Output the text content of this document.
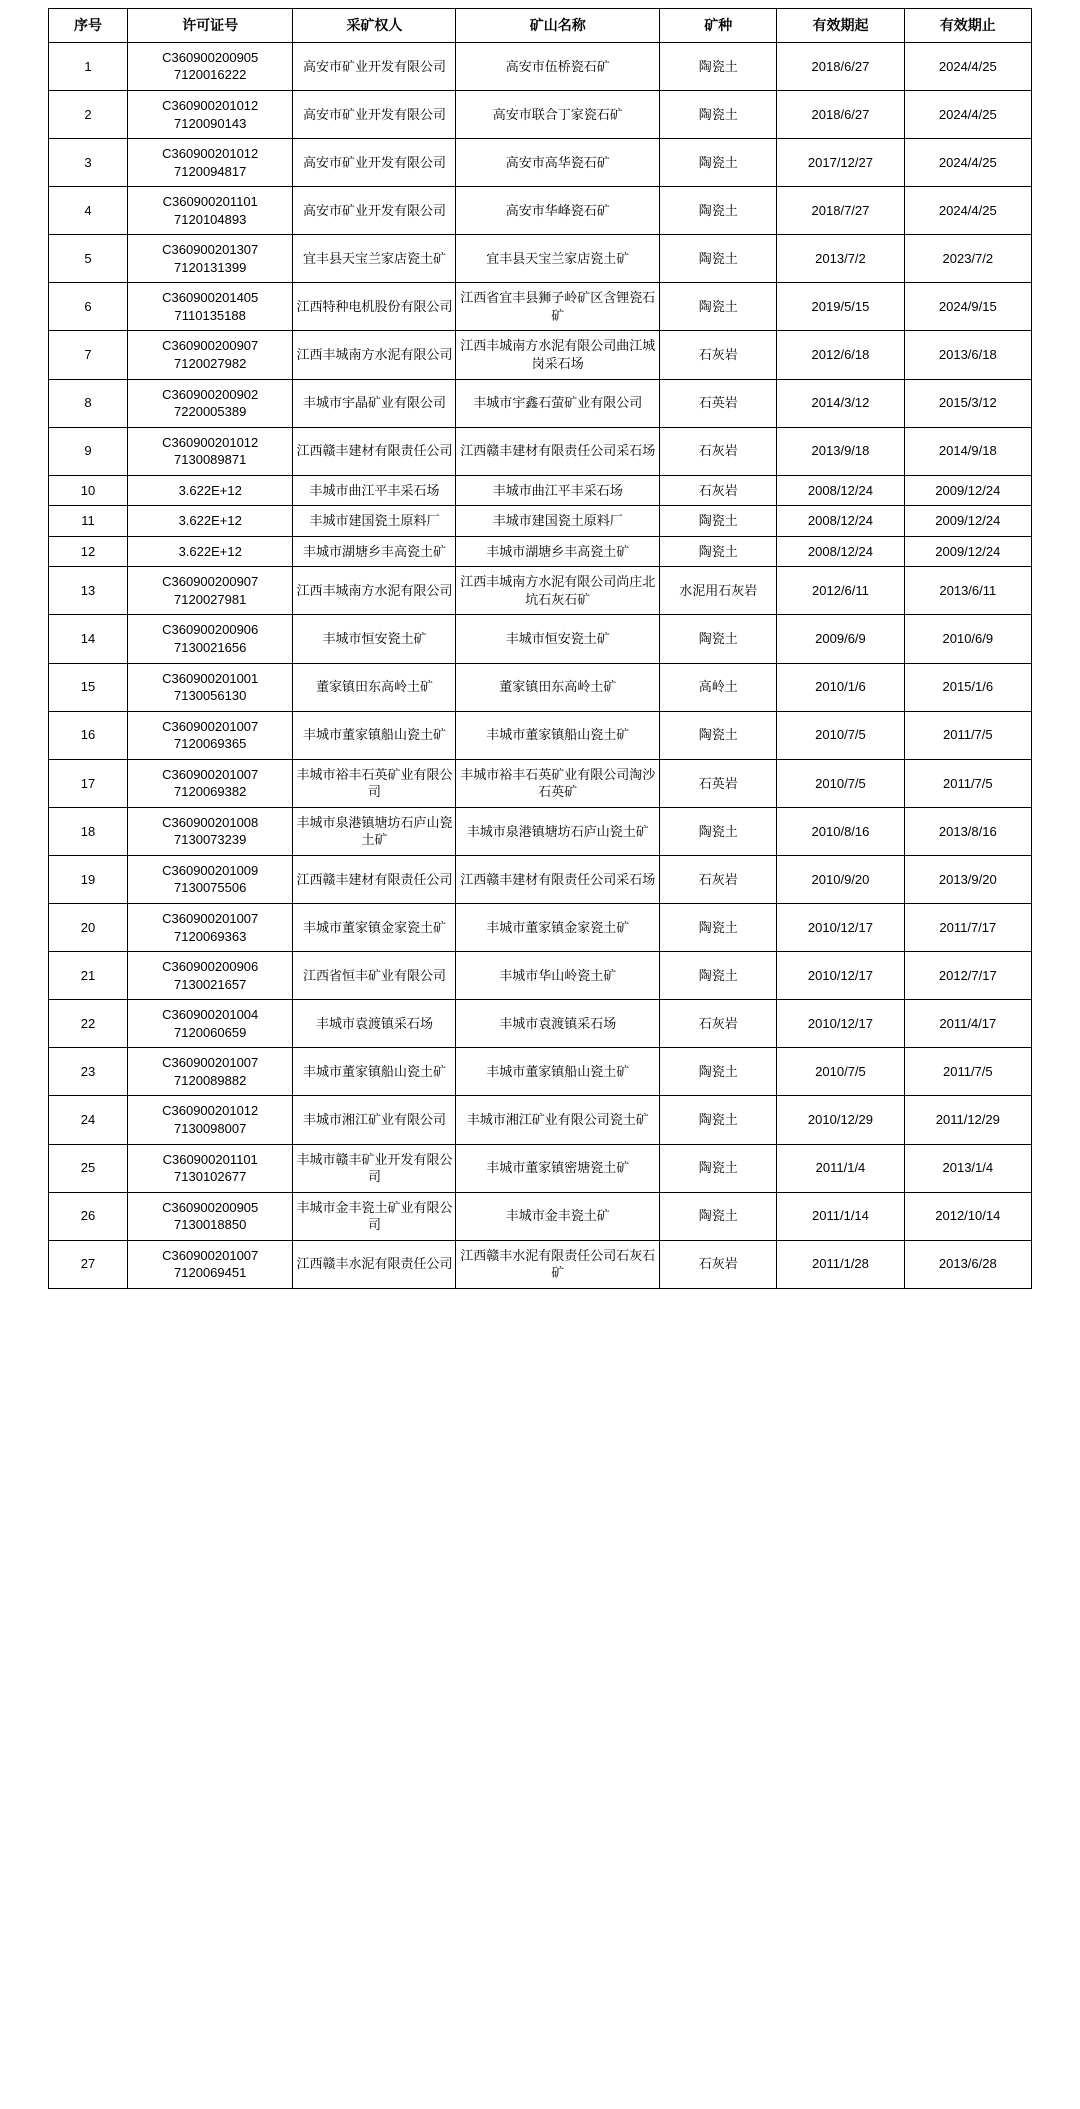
序号	许可证号	采矿权人	矿山名称	矿种	有效期起	有效期止
1	C360900200905 7120016222	高安市矿业开发有限公司	高安市伍桥瓷石矿	陶瓷土	2018/6/27	2024/4/25
2	C360900201012 7120090143	高安市矿业开发有限公司	高安市联合丁家瓷石矿	陶瓷土	2018/6/27	2024/4/25
3	C360900201012 7120094817	高安市矿业开发有限公司	高安市高华瓷石矿	陶瓷土	2017/12/27	2024/4/25
4	C360900201101 7120104893	高安市矿业开发有限公司	高安市华峰瓷石矿	陶瓷土	2018/7/27	2024/4/25
5	C360900201307 7120131399	宜丰县天宝兰家店瓷土矿	宜丰县天宝兰家店瓷土矿	陶瓷土	2013/7/2	2023/7/2
6	C360900201405 7110135188	江西特种电机股份有限公司	江西省宜丰县狮子岭矿区含锂瓷石矿	陶瓷土	2019/5/15	2024/9/15
7	C360900200907 7120027982	江西丰城南方水泥有限公司	江西丰城南方水泥有限公司曲江城岗采石场	石灰岩	2012/6/18	2013/6/18
8	C360900200902 7220005389	丰城市宇晶矿业有限公司	丰城市宇鑫石萤矿业有限公司	石英岩	2014/3/12	2015/3/12
9	C360900201012 7130089871	江西赣丰建材有限责任公司	江西赣丰建材有限责任公司采石场	石灰岩	2013/9/18	2014/9/18
10	3.622E+12	丰城市曲江平丰采石场	丰城市曲江平丰采石场	石灰岩	2008/12/24	2009/12/24
11	3.622E+12	丰城市建国瓷土原料厂	丰城市建国瓷土原料厂	陶瓷土	2008/12/24	2009/12/24
12	3.622E+12	丰城市湖塘乡丰高瓷土矿	丰城市湖塘乡丰高瓷土矿	陶瓷土	2008/12/24	2009/12/24
13	C360900200907 7120027981	江西丰城南方水泥有限公司	江西丰城南方水泥有限公司尚庄北坑石灰石矿	水泥用石灰岩	2012/6/11	2013/6/11
14	C360900200906 7130021656	丰城市恒安瓷土矿	丰城市恒安瓷土矿	陶瓷土	2009/6/9	2010/6/9
15	C360900201001 7130056130	董家镇田东高岭土矿	董家镇田东高岭土矿	高岭土	2010/1/6	2015/1/6
16	C360900201007 7120069365	丰城市董家镇船山瓷土矿	丰城市董家镇船山瓷土矿	陶瓷土	2010/7/5	2011/7/5
17	C360900201007 7120069382	丰城市裕丰石英矿业有限公司	丰城市裕丰石英矿业有限公司淘沙石英矿	石英岩	2010/7/5	2011/7/5
18	C360900201008 7130073239	丰城市泉港镇塘坊石庐山瓷土矿	丰城市泉港镇塘坊石庐山瓷土矿	陶瓷土	2010/8/16	2013/8/16
19	C360900201009 7130075506	江西赣丰建材有限责任公司	江西赣丰建材有限责任公司采石场	石灰岩	2010/9/20	2013/9/20
20	C360900201007 7120069363	丰城市董家镇金家瓷土矿	丰城市董家镇金家瓷土矿	陶瓷土	2010/12/17	2011/7/17
21	C360900200906 7130021657	江西省恒丰矿业有限公司	丰城市华山岭瓷土矿	陶瓷土	2010/12/17	2012/7/17
22	C360900201004 7120060659	丰城市袁渡镇采石场	丰城市袁渡镇采石场	石灰岩	2010/12/17	2011/4/17
23	C360900201007 7120089882	丰城市董家镇船山瓷土矿	丰城市董家镇船山瓷土矿	陶瓷土	2010/7/5	2011/7/5
24	C360900201012 7130098007	丰城市湘江矿业有限公司	丰城市湘江矿业有限公司瓷土矿	陶瓷土	2010/12/29	2011/12/29
25	C360900201101 7130102677	丰城市赣丰矿业开发有限公司	丰城市董家镇密塘瓷土矿	陶瓷土	2011/1/4	2013/1/4
26	C360900200905 7130018850	丰城市金丰瓷土矿业有限公司	丰城市金丰瓷土矿	陶瓷土	2011/1/14	2012/10/14
27	C360900201007 7120069451	江西赣丰水泥有限责任公司	江西赣丰水泥有限责任公司石灰石矿	石灰岩	2011/1/28	2013/6/28
